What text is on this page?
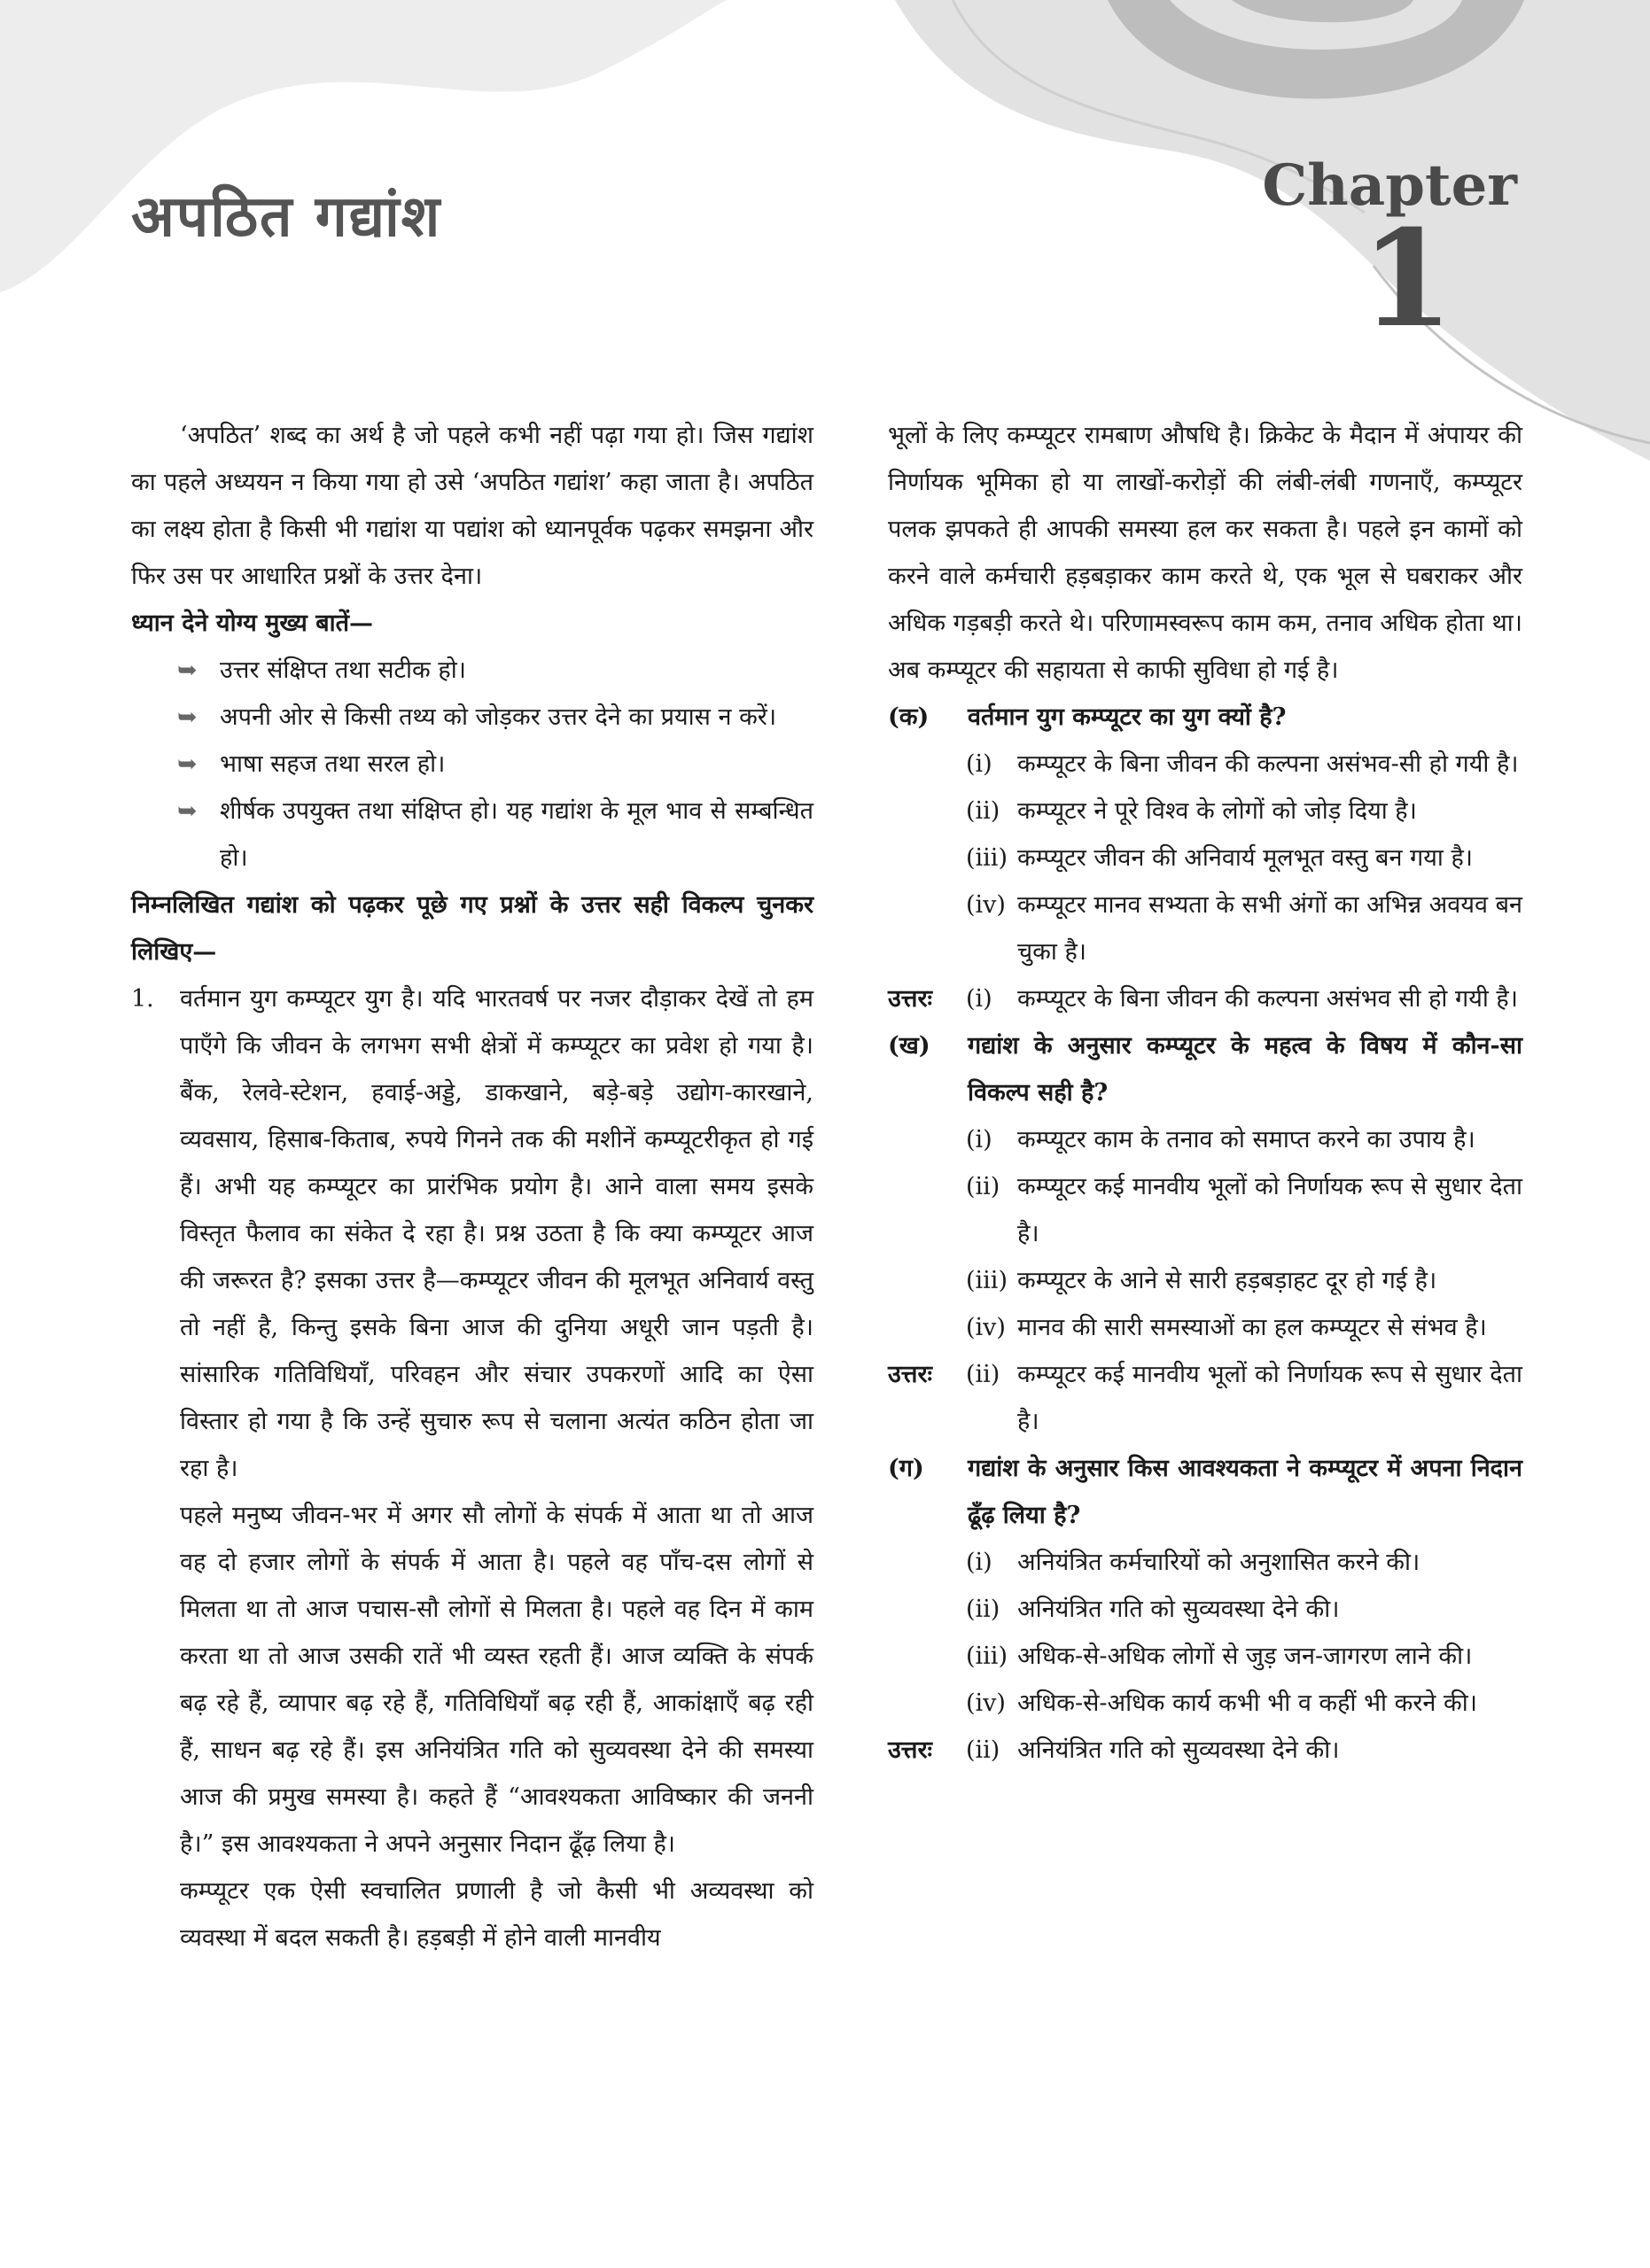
अपठित गद्यांश	Chapter
1

‘अपठित’ शब्द का अर्थ है जो पहले कभी नहीं पढ़ा गया हो। जिस गद्यांश का पहले अध्ययन न किया गया हो उसे ‘अपठित गद्यांश’ कहा जाता है। अपठित का लक्ष्य होता है किसी भी गद्यांश या पद्यांश को ध्यानपूर्वक पढ़कर समझना और फिर उस पर आधारित प्रश्नों के उत्तर देना।

ध्यान देने योग्य मुख्य बातें—

➥ उत्तर संक्षिप्त तथा सटीक हो।
➥ अपनी ओर से किसी तथ्य को जोड़कर उत्तर देने का प्रयास न करें।
➥ भाषा सहज तथा सरल हो।
➥ शीर्षक उपयुक्त तथा संक्षिप्त हो। यह गद्यांश के मूल भाव से सम्बन्धित हो।

निम्नलिखित गद्यांश को पढ़कर पूछे गए प्रश्नों के उत्तर सही विकल्प चुनकर लिखिए—

1.	वर्तमान युग कम्प्यूटर युग है। यदि भारतवर्ष पर नजर दौड़ाकर देखें तो हम पाएँगे कि जीवन के लगभग सभी क्षेत्रों में कम्प्यूटर का प्रवेश हो गया है। बैंक, रेलवे-स्टेशन, हवाई-अड्डे, डाकखाने, बड़े-बड़े उद्योग-कारखाने, व्यवसाय, हिसाब-किताब, रुपये गिनने तक की मशीनें कम्प्यूटरीकृत हो गई हैं। अभी यह कम्प्यूटर का प्रारंभिक प्रयोग है। आने वाला समय इसके विस्तृत फैलाव का संकेत दे रहा है। प्रश्न उठता है कि क्या कम्प्यूटर आज की जरूरत है? इसका उत्तर है—कम्प्यूटर जीवन की मूलभूत अनिवार्य वस्तु तो नहीं है, किन्तु इसके बिना आज की दुनिया अधूरी जान पड़ती है। सांसारिक गतिविधियाँ, परिवहन और संचार उपकरणों आदि का ऐसा विस्तार हो गया है कि उन्हें सुचारु रूप से चलाना अत्यंत कठिन होता जा रहा है।

पहले मनुष्य जीवन-भर में अगर सौ लोगों के संपर्क में आता था तो आज वह दो हजार लोगों के संपर्क में आता है। पहले वह पाँच-दस लोगों से मिलता था तो आज पचास-सौ लोगों से मिलता है। पहले वह दिन में काम करता था तो आज उसकी रातें भी व्यस्त रहती हैं। आज व्यक्ति के संपर्क बढ़ रहे हैं, व्यापार बढ़ रहे हैं, गतिविधियाँ बढ़ रही हैं, आकांक्षाएँ बढ़ रही हैं, साधन बढ़ रहे हैं। इस अनियंत्रित गति को सुव्यवस्था देने की समस्या आज की प्रमुख समस्या है। कहते हैं “आवश्यकता आविष्कार की जननी है।” इस आवश्यकता ने अपने अनुसार निदान ढूँढ़ लिया है।

कम्प्यूटर एक ऐसी स्वचालित प्रणाली है जो कैसी भी अव्यवस्था को व्यवस्था में बदल सकती है। हड़बड़ी में होने वाली मानवीय

भूलों के लिए कम्प्यूटर रामबाण औषधि है। क्रिकेट के मैदान में अंपायर की निर्णायक भूमिका हो या लाखों-करोड़ों की लंबी-लंबी गणनाएँ, कम्प्यूटर पलक झपकते ही आपकी समस्या हल कर सकता है। पहले इन कामों को करने वाले कर्मचारी हड़बड़ाकर काम करते थे, एक भूल से घबराकर और अधिक गड़बड़ी करते थे। परिणामस्वरूप काम कम, तनाव अधिक होता था। अब कम्प्यूटर की सहायता से काफी सुविधा हो गई है।

(क)	वर्तमान युग कम्प्यूटर का युग क्यों है?
(i)	कम्प्यूटर के बिना जीवन की कल्पना असंभव-सी हो गयी है।
(ii) कम्प्यूटर ने पूरे विश्व के लोगों को जोड़ दिया है।
(iii) कम्प्यूटर जीवन की अनिवार्य मूलभूत वस्तु बन गया है।
(iv) कम्प्यूटर मानव सभ्यता के सभी अंगों का अभिन्न अवयव बन चुका है।
उत्तरः	(i)	कम्प्यूटर के बिना जीवन की कल्पना असंभव सी हो गयी है।
(ख)	गद्यांश के अनुसार कम्प्यूटर के महत्व के विषय में कौन-सा विकल्प सही है?
(i)	कम्प्यूटर काम के तनाव को समाप्त करने का उपाय है।
(ii) कम्प्यूटर कई मानवीय भूलों को निर्णायक रूप से सुधार देता है।
(iii) कम्प्यूटर के आने से सारी हड़बड़ाहट दूर हो गई है।
(iv) मानव की सारी समस्याओं का हल कम्प्यूटर से संभव है।
उत्तरः	(ii) कम्प्यूटर कई मानवीय भूलों को निर्णायक रूप से सुधार देता है।
(ग)	गद्यांश के अनुसार किस आवश्यकता ने कम्प्यूटर में अपना निदान ढूँढ़ लिया है?
(i)	अनियंत्रित कर्मचारियों को अनुशासित करने की।
(ii) अनियंत्रित गति को सुव्यवस्था देने की।
(iii) अधिक-से-अधिक लोगों से जुड़ जन-जागरण लाने की।
(iv) अधिक-से-अधिक कार्य कभी भी व कहीं भी करने की।
उत्तरः	(ii) अनियंत्रित गति को सुव्यवस्था देने की।
